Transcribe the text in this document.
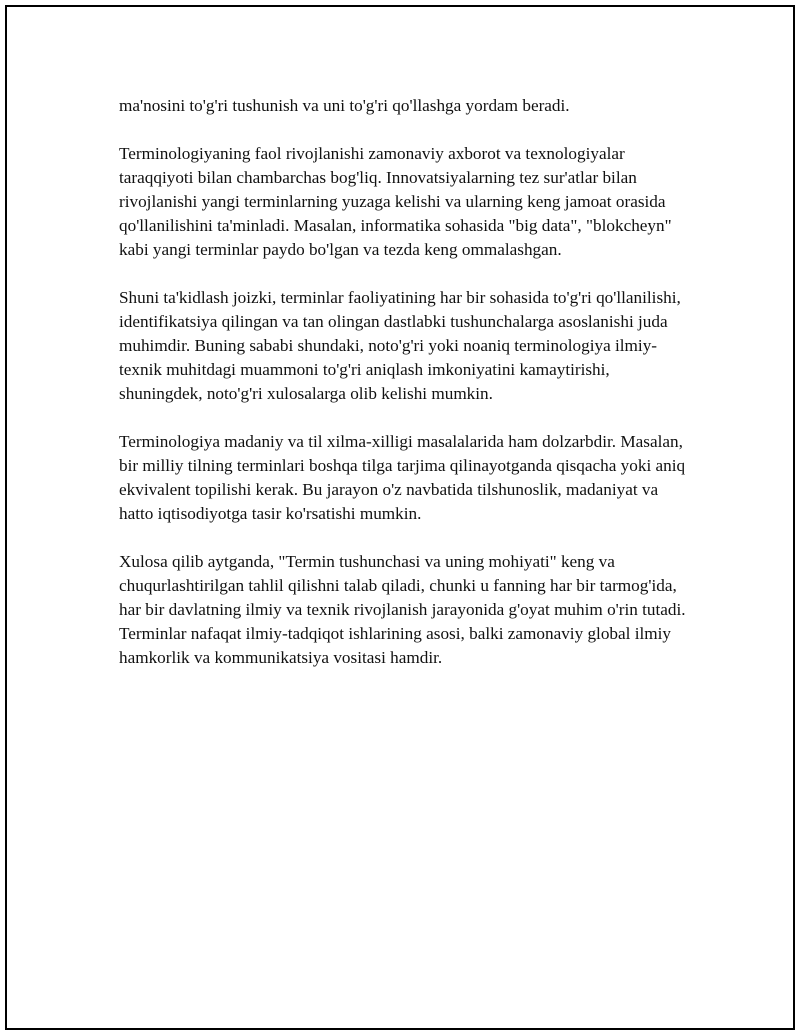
ma'nosini to'g'ri tushunish va uni to'g'ri qo'llashga yordam beradi.

Terminologiyaning faol rivojlanishi zamonaviy axborot va texnologiyalar taraqqiyoti bilan chambarchas bog'liq. Innovatsiyalarning tez sur'atlar bilan rivojlanishi yangi terminlarning yuzaga kelishi va ularning keng jamoat orasida qo'llanilishini ta'minladi. Masalan, informatika sohasida "big data", "blokcheyn" kabi yangi terminlar paydo bo'lgan va tezda keng ommalashgan.

Shuni ta'kidlash joizki, terminlar faoliyatining har bir sohasida to'g'ri qo'llanilishi, identifikatsiya qilingan va tan olingan dastlabki tushunchalarga asoslanishi juda muhimdir. Buning sababi shundaki, noto'g'ri yoki noaniq terminologiya ilmiy-texnik muhitdagi muammoni to'g'ri aniqlash imkoniyatini kamaytirishi, shuningdek, noto'g'ri xulosalarga olib kelishi mumkin.

Terminologiya madaniy va til xilma-xilligi masalalarida ham dolzarbdir. Masalan, bir milliy tilning terminlari boshqa tilga tarjima qilinayotganda qisqacha yoki aniq ekvivalent topilishi kerak. Bu jarayon o'z navbatida tilshunoslik, madaniyat va hatto iqtisodiyotga tasir ko'rsatishi mumkin.

Xulosa qilib aytganda, "Termin tushunchasi va uning mohiyati" keng va chuqurlashtirilgan tahlil qilishni talab qiladi, chunki u fanning har bir tarmog'ida, har bir davlatning ilmiy va texnik rivojlanish jarayonida g'oyat muhim o'rin tutadi. Terminlar nafaqat ilmiy-tadqiqot ishlarining asosi, balki zamonaviy global ilmiy hamkorlik va kommunikatsiya vositasi hamdir.
